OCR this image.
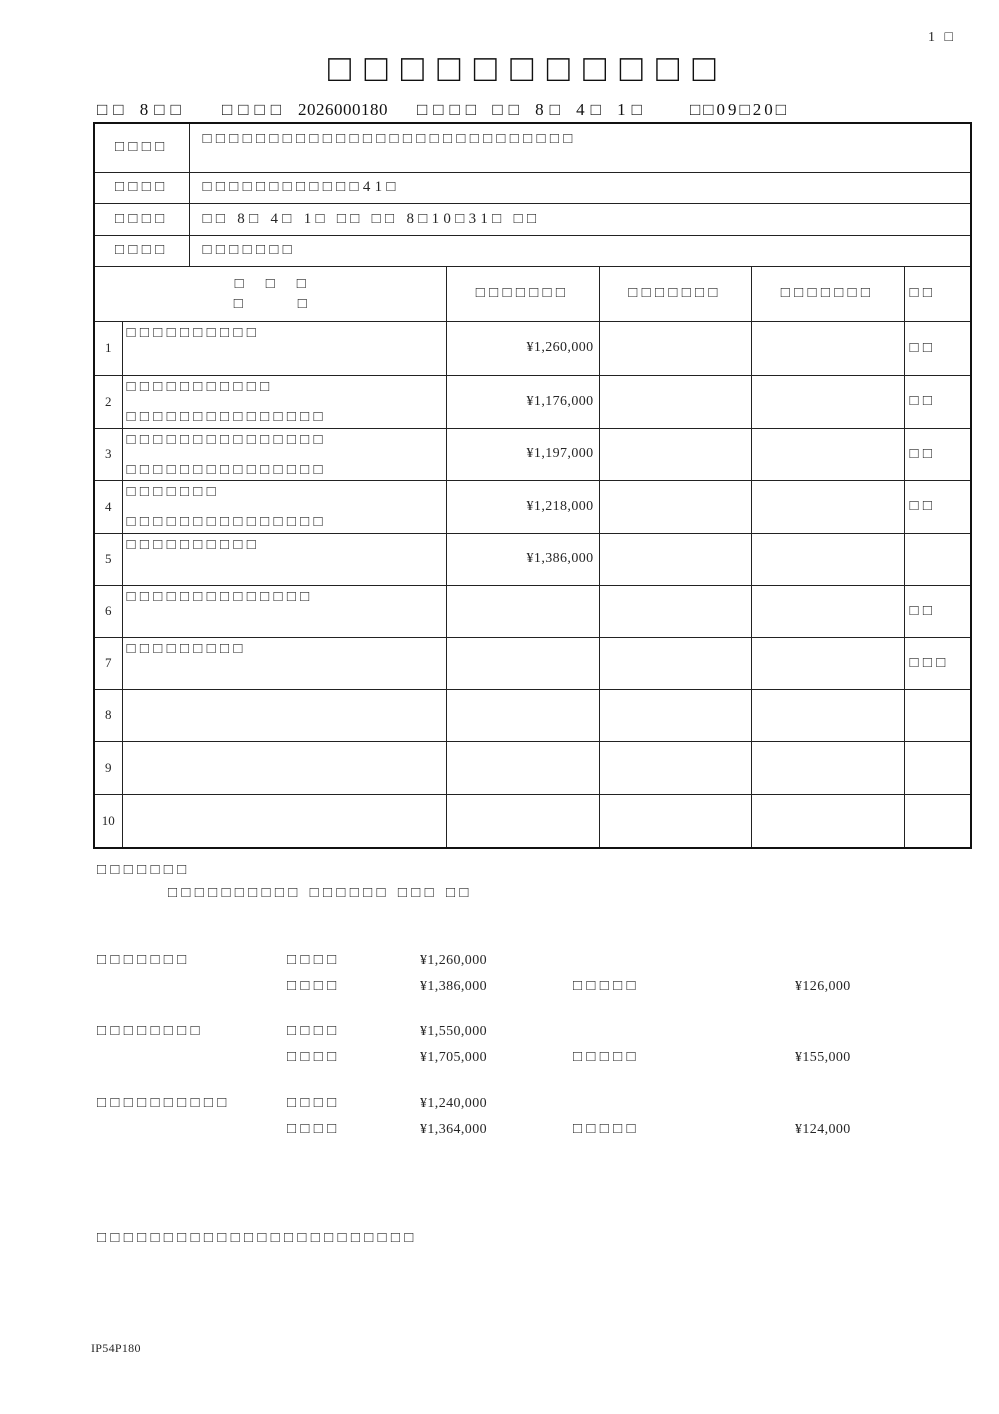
1 □
□□□□□□□□□□□
□□ 8□□ □□□□ 2026000180 □□□□ □□ 8□ 4□ 1□ □□09□20□
□□□□		□□□□□□□□□□□□□□□□□□□□□□□□□□□□				
□□□□		□□□□□□□□□□□□41□				
□□□□		□□ 8□ 4□ 1□ □□ □□ 8□10□31□ □□				
□□□□		□□□□□□□				

□□□
□□			□□□□□□□	□□□□□□□	□□□□□□□	□□
1	□□□□□□□□□□		¥1,260,000			□□
2	□□□□□□□□□□□
□□□□□□□□□□□□□□□		¥1,176,000			□□
3	□□□□□□□□□□□□□□□
□□□□□□□□□□□□□□□		¥1,197,000			□□
4	□□□□□□□
□□□□□□□□□□□□□□□		¥1,218,000			□□
5	□□□□□□□□□□		¥1,386,000			
6	□□□□□□□□□□□□□□					□□
7	□□□□□□□□□					□□□
8		

9		

10		

□□□□□□□
□□□□□□□□□□ □□□□□□ □□□ □□
□□□□□□□	□□□□	¥1,260,000
□□□□	¥1,386,000	□□□□□	¥126,000
□□□□□□□□	□□□□	¥1,550,000
□□□□	¥1,705,000	□□□□□	¥155,000
□□□□□□□□□□	□□□□	¥1,240,000
□□□□	¥1,364,000	□□□□□	¥124,000
□□□□□□□□□□□□□□□□□□□□□□□□
IP54P180
